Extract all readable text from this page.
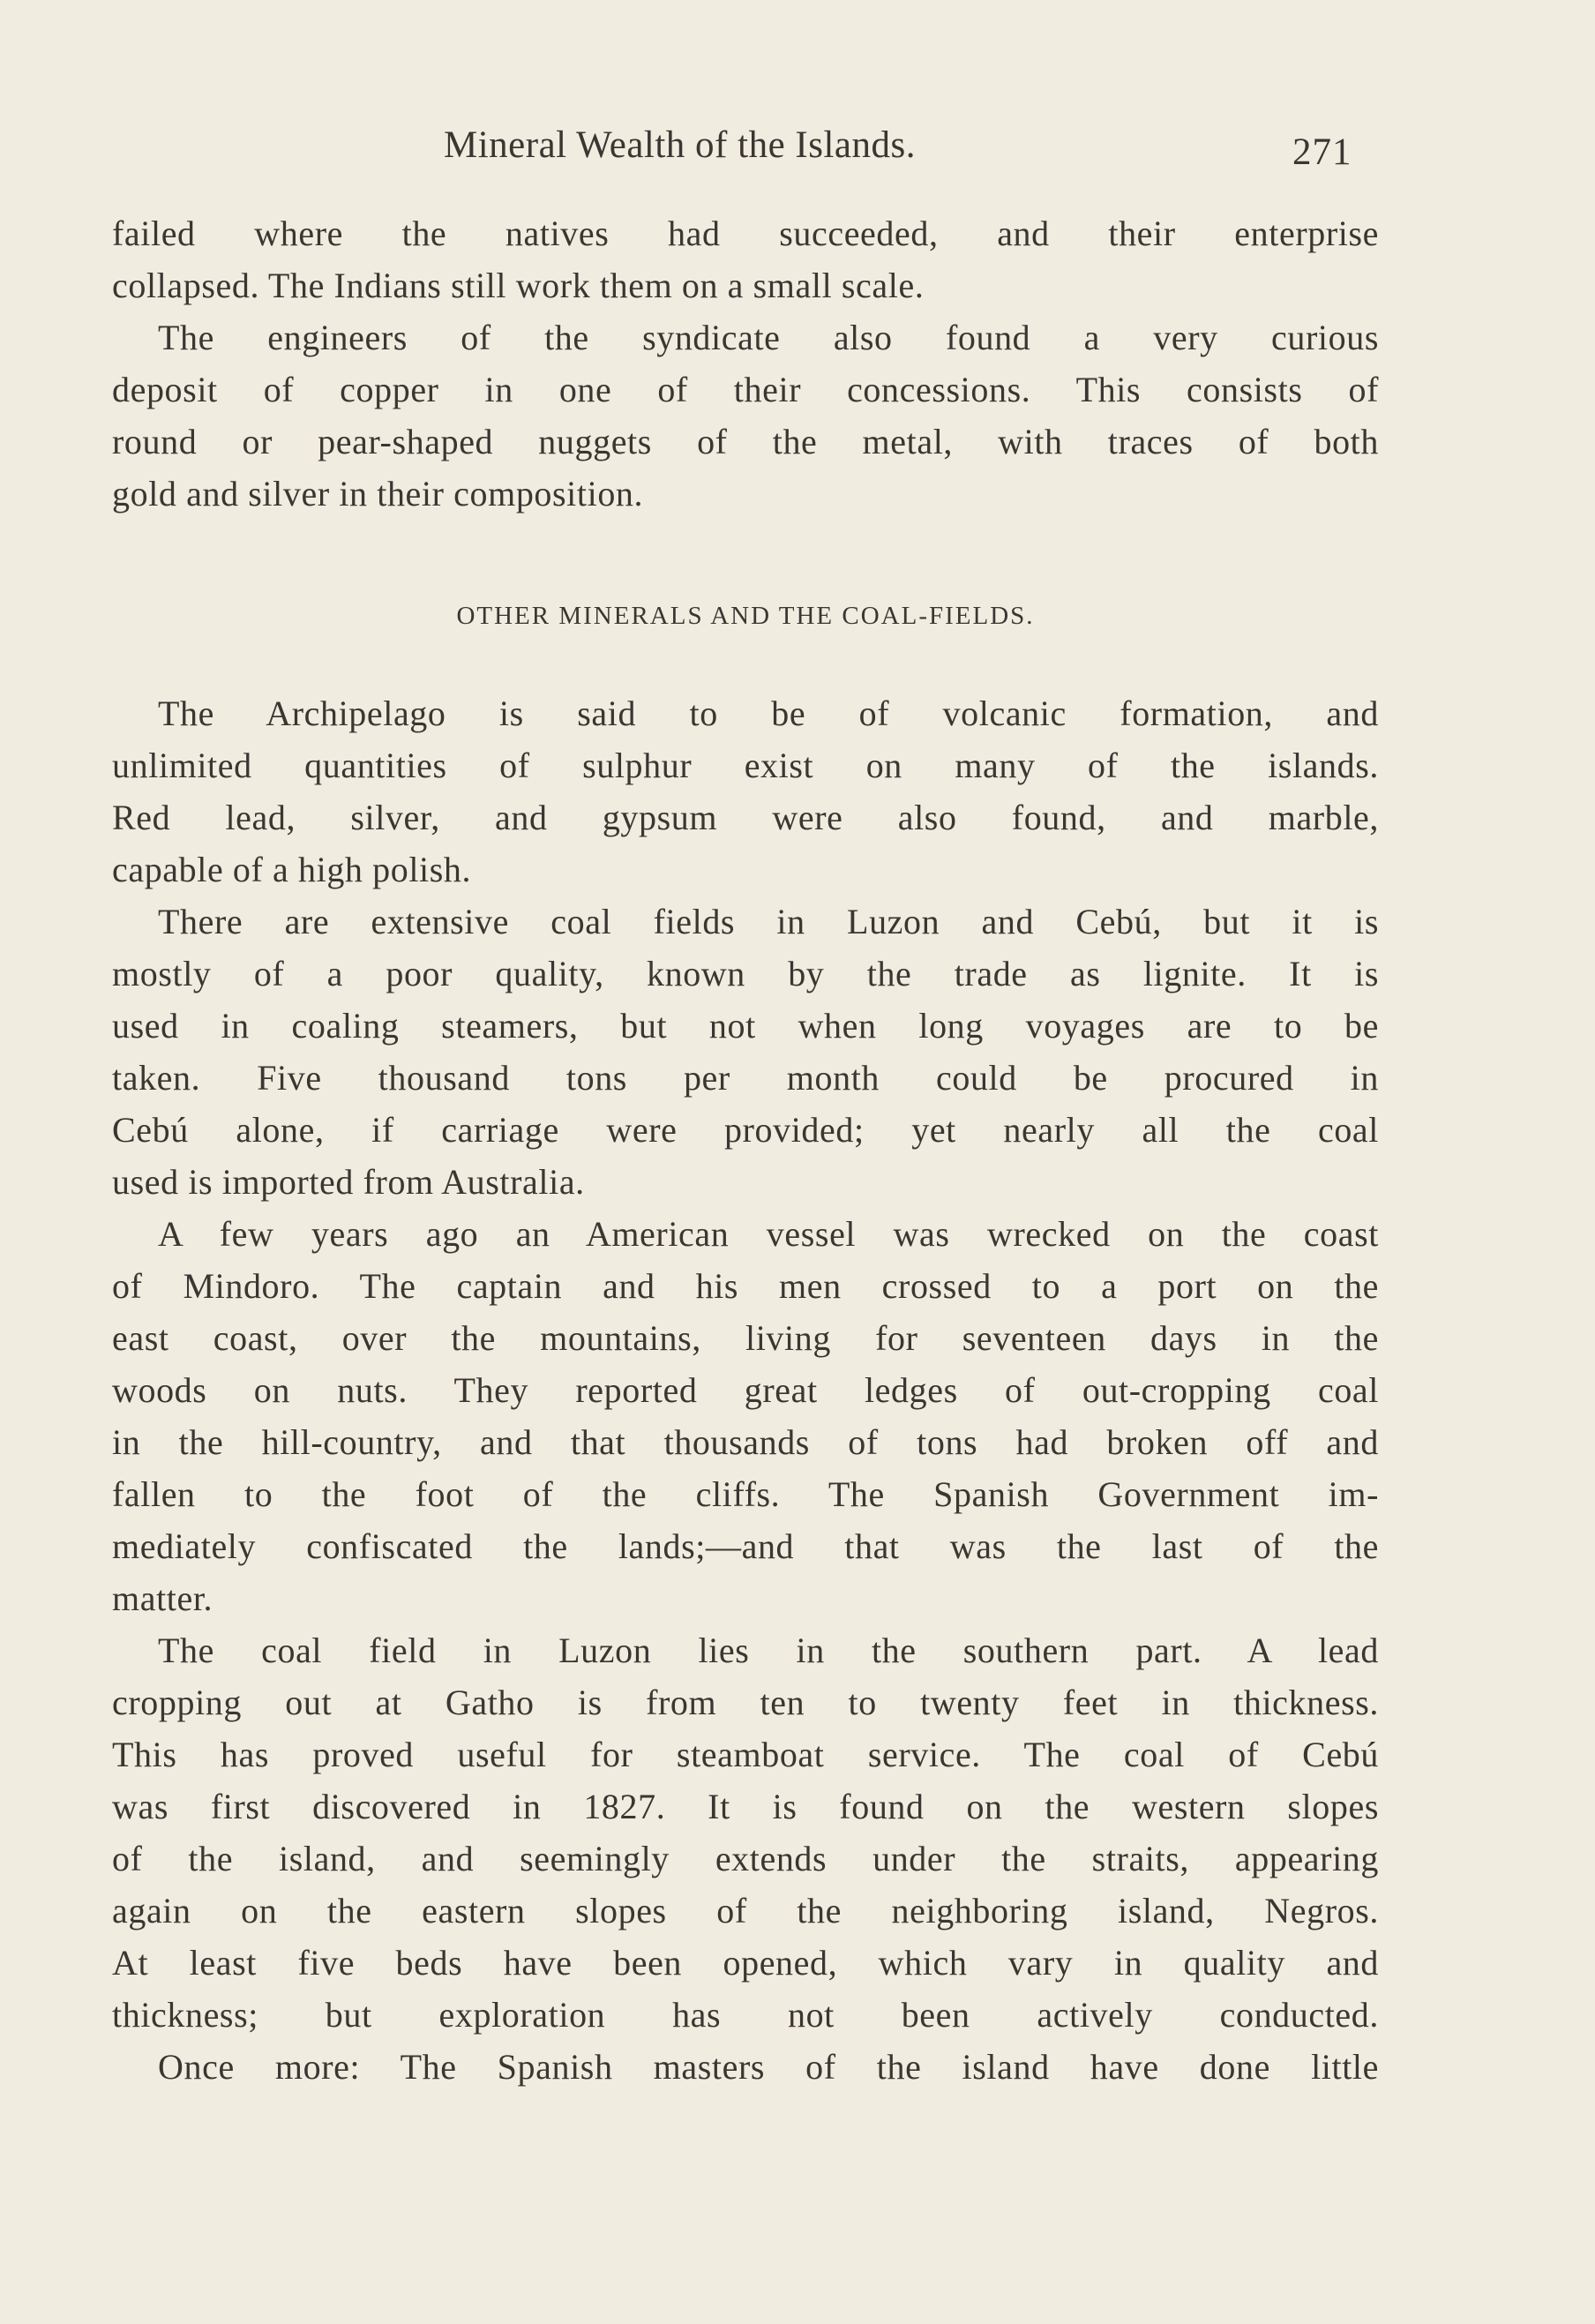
Mineral Wealth of the Islands.	271
failed where the natives had succeeded, and their enterprise
collapsed. The Indians still work them on a small scale.
The engineers of the syndicate also found a very curious
deposit of copper in one of their concessions. This consists of
round or pear-shaped nuggets of the metal, with traces of both
gold and silver in their composition.
OTHER MINERALS AND THE COAL-FIELDS.
The Archipelago is said to be of volcanic formation, and
unlimited quantities of sulphur exist on many of the islands.
Red lead, silver, and gypsum were also found, and marble,
capable of a high polish.
There are extensive coal fields in Luzon and Cebú, but it is
mostly of a poor quality, known by the trade as lignite. It is
used in coaling steamers, but not when long voyages are to be
taken. Five thousand tons per month could be procured in
Cebú alone, if carriage were provided; yet nearly all the coal
used is imported from Australia.
A few years ago an American vessel was wrecked on the coast
of Mindoro. The captain and his men crossed to a port on the
east coast, over the mountains, living for seventeen days in the
woods on nuts. They reported great ledges of out-cropping coal
in the hill-country, and that thousands of tons had broken off and
fallen to the foot of the cliffs. The Spanish Government im-
mediately confiscated the lands;—and that was the last of the
matter.
The coal field in Luzon lies in the southern part. A lead
cropping out at Gatho is from ten to twenty feet in thickness.
This has proved useful for steamboat service. The coal of Cebú
was first discovered in 1827. It is found on the western slopes
of the island, and seemingly extends under the straits, appearing
again on the eastern slopes of the neighboring island, Negros.
At least five beds have been opened, which vary in quality and
thickness; but exploration has not been actively conducted.
Once more: The Spanish masters of the island have done little
